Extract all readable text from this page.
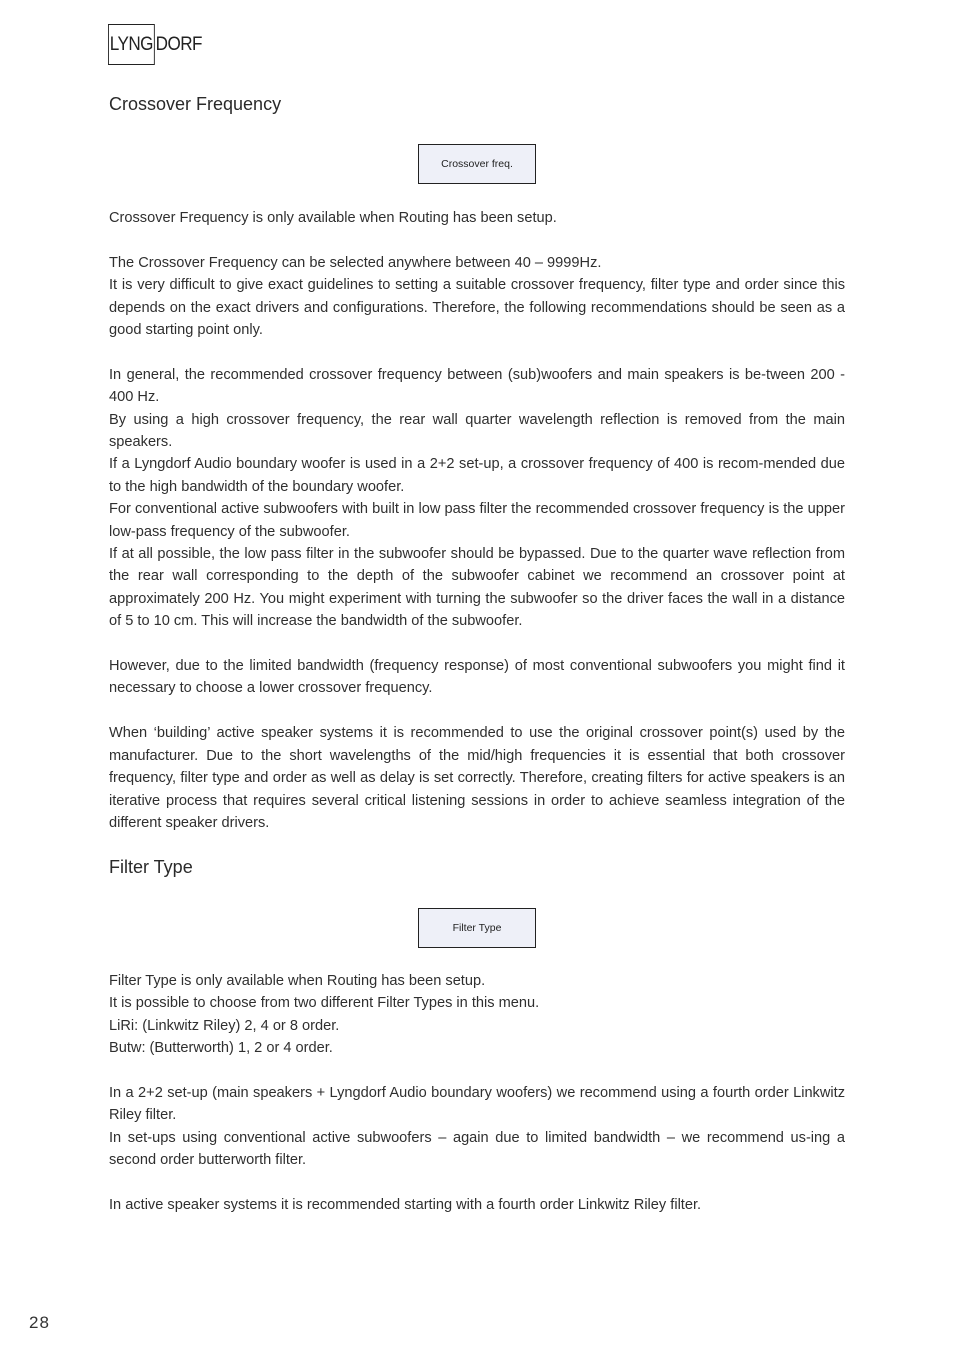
LYNG DORF
Crossover Frequency
Crossover freq.

Crossover Frequency is only available when Routing has been setup.

The Crossover Frequency can be selected anywhere between 40 – 9999Hz.

It is very difficult to give exact guidelines to setting a suitable crossover frequency, filter type and order since this depends on the exact drivers and configurations. Therefore, the following recommendations should be seen as a good starting point only.

In general, the recommended crossover frequency between (sub)woofers and main speakers is be-tween 200 - 400 Hz.

By using a high crossover frequency, the rear wall quarter wavelength reflection is removed from the main speakers.

If a Lyngdorf Audio boundary woofer is used in a 2+2 set-up, a crossover frequency of 400 is recom-mended due to the high bandwidth of the boundary woofer.

For conventional active subwoofers with built in low pass filter the recommended crossover frequency is the upper low-pass frequency of the subwoofer.

If at all possible, the low pass filter in the subwoofer should be bypassed. Due to the quarter wave reflection from the rear wall corresponding to the depth of the subwoofer cabinet we recommend an crossover point at approximately 200 Hz. You might experiment with turning the subwoofer so the driver faces the wall in a distance of 5 to 10 cm. This will increase the bandwidth of the subwoofer.

However, due to the limited bandwidth (frequency response) of most conventional subwoofers you might find it necessary to choose a lower crossover frequency.

When ‘building’ active speaker systems it is recommended to use the original crossover point(s) used by the manufacturer. Due to the short wavelengths of the mid/high frequencies it is essential that both crossover frequency, filter type and order as well as delay is set correctly. Therefore, creating filters for active speakers is an iterative process that requires several critical listening sessions in order to achieve seamless integration of the different speaker drivers.

Filter Type
Filter Type

Filter Type is only available when Routing has been setup.

It is possible to choose from two different Filter Types in this menu.

LiRi: (Linkwitz Riley) 2, 4 or 8 order.

Butw: (Butterworth) 1, 2 or 4 order.

In a 2+2 set-up (main speakers + Lyngdorf Audio boundary woofers) we recommend using a fourth order Linkwitz Riley filter.

In set-ups using conventional active subwoofers – again due to limited bandwidth – we recommend us-ing a second order butterworth filter.

In active speaker systems it is recommended starting with a fourth order Linkwitz Riley filter.

28
